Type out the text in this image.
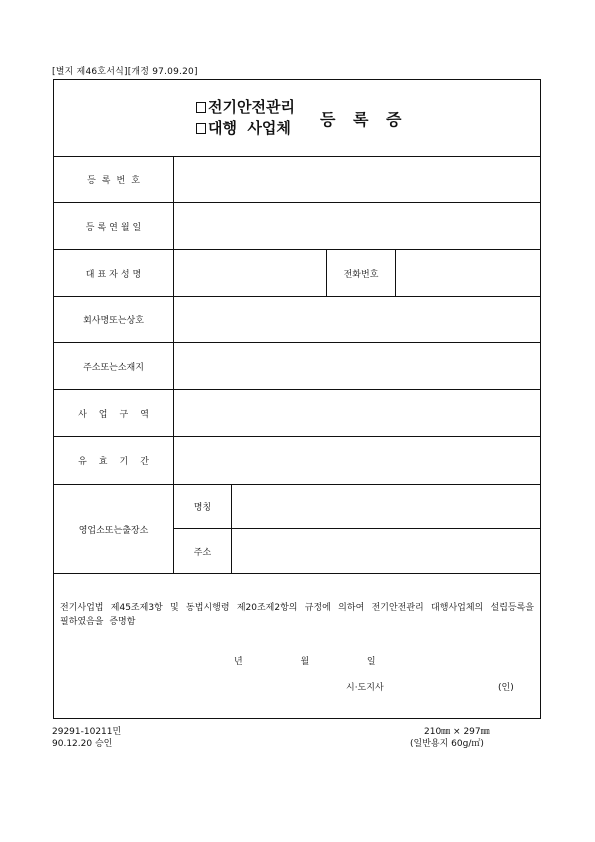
[별지 제46호서식][개정 97.09.20]
전기안전관리
대행  사업체 등 록 증
등록번호
등록연월일
대표자성명	전화번호
회사명또는상호
주소또는소재지
사업구역
유효기간
영업소또는출장소
명칭
주소
전기사업법 제45조제3항 및 동법시행령 제20조제2항의 규정에 의하여 전기안전관리 대행사업체의 설립등록을 필하였음을 증명함
년	월	일
시·도지사	(인)
29291-10211민
90.12.20 승인
210㎜ × 297㎜
(일반용지 60g/㎡)
